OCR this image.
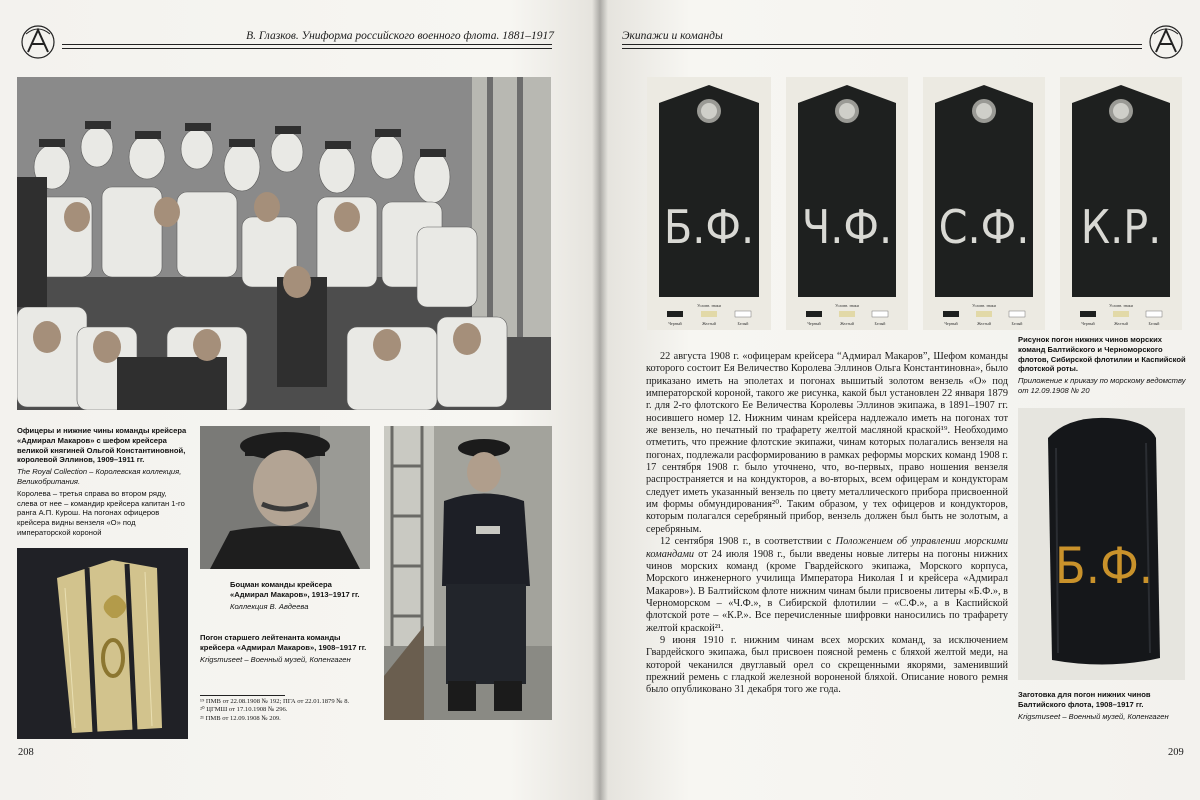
В. Глазков. Униформа российского военного флота. 1881–1917

Офицеры и нижние чины команды крейсера «Адмирал Макаров» с шефом крейсера великой княгиней Ольгой Константиновной, королевой Эллинов, 1909–1911 гг.

The Royal Collection – Королевская коллекция, Великобритания.

Королева – третья справа во втором ряду, слева от нее – командир крейсера капитан 1-го ранга А.П. Курош. На погонах офицеров крейсера видны вензеля «О» под императорской короной

Боцман команды крейсера «Адмирал Макаров», 1913–1917 гг.

Коллекция В. Авдеева

Погон старшего лейтенанта команды крейсера «Адмирал Макаров», 1908–1917 гг.

Krigsmuseet – Военный музей, Копенгаген

¹⁹ ПМВ от 22.08.1908 № 192; ПГА от 22.01.1879 № 8.
²⁰ ЦГМШ от 17.10.1908 № 296.
²¹ ПМВ от 12.09.1908 № 209.
208
Экипажи и команды
Б.Ф.
Условн. знаки
Черный	Желтый	Белый
Ч.Ф.
Условн. знаки
Черный	Желтый	Белый
С.Ф.
Условн. знаки
Черный	Желтый	Белый
К.Р.
Условн. знаки
Черный	Желтый	Белый

22 августа 1908 г. «офицерам крейсера “Адмирал Макаров”, Шефом команды которого состоит Ея Величество Королева Эллинов Ольга Константиновна», было приказано иметь на эполетах и погонах вышитый золотом вензель «О» под императорской короной, такого же рисунка, какой был установлен 22 января 1879 г. для 2-го флотского Ее Величества Королевы Эллинов экипажа, в 1891–1907 гг. носившего номер 12. Нижним чинам крейсера надлежало иметь на погонах тот же вензель, но печатный по трафарету желтой масляной краской¹⁹. Необходимо отметить, что прежние флотские экипажи, чинам которых полагались вензеля на погонах, подлежали расформированию в рамках реформы морских команд 1908 г. 17 сентября 1908 г. было уточнено, что, во-первых, право ношения вензеля распространяется и на кондукторов, а во-вторых, всем офицерам и кондукторам следует иметь указанный вензель по цвету металлического прибора присвоенной им формы обмундирования²⁰. Таким образом, у тех офицеров и кондукторов, которым полагался серебряный прибор, вензель должен был быть не золотым, а серебряным.

12 сентября 1908 г., в соответствии с Положением об управлении морскими командами от 24 июля 1908 г., были введены новые литеры на погоны нижних чинов морских команд (кроме Гвардейского экипажа, Морского корпуса, Морского инженерного училища Императора Николая I и крейсера «Адмирал Макаров»). В Балтийском флоте нижним чинам были присвоены литеры «Б.Ф.», в Черноморском – «Ч.Ф.», в Сибирской флотилии – «С.Ф.», а в Каспийской флотской роте – «К.Р.». Все перечисленные шифровки наносились по трафарету желтой краской²¹.

9 июня 1910 г. нижним чинам всех морских команд, за исключением Гвардейского экипажа, был присвоен поясной ремень с бляхой желтой меди, на которой чеканился двуглавый орел со скрещенными якорями, заменивший прежний ремень с гладкой железной вороненой бляхой. Описание нового ремня было опубликовано 31 декабря того же года.

Рисунок погон нижних чинов морских команд Балтийского и Черноморского флотов, Сибирской флотилии и Каспийской флотской роты.

Приложение к приказу по морскому ведомству от 12.09.1908 № 20

Б.Ф.

Заготовка для погон нижних чинов Балтийского флота, 1908–1917 гг.

Krigsmuseet – Военный музей, Копенгаген

209
